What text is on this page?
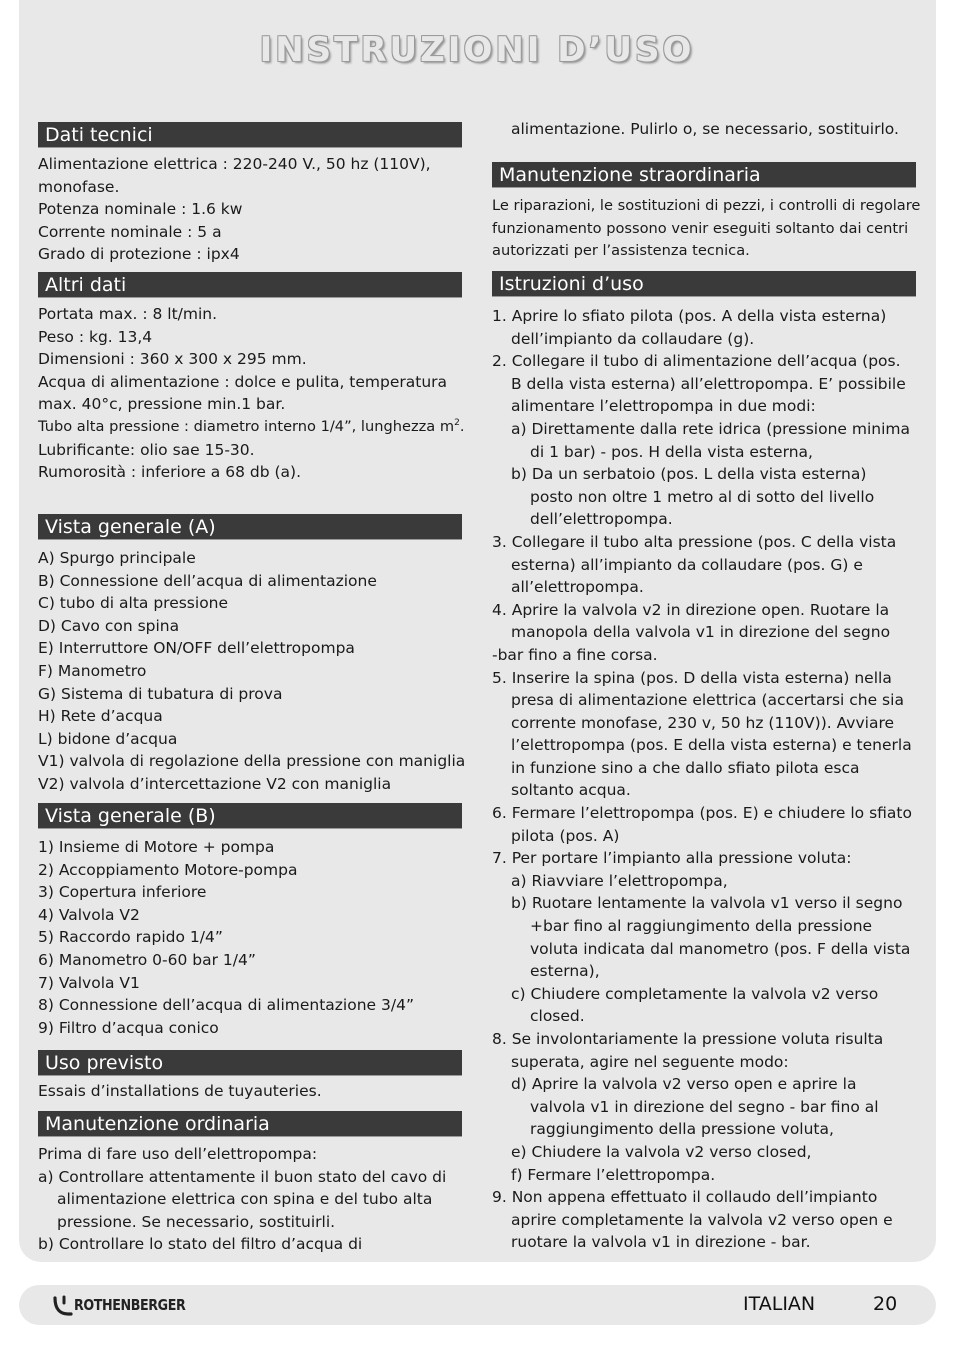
INSTRUZIONI D’USO
Dati tecnici
Alimentazione elettrica : 220-240 V., 50 hz (110V),
monofase.
Potenza nominale : 1.6 kw
Corrente nominale : 5 a
Grado di protezione : ipx4
Altri dati
Portata max. : 8 lt/min.
Peso : kg. 13,4
Dimensioni : 360 x 300 x 295 mm.
Acqua di alimentazione : dolce e pulita, temperatura
max. 40°c, pressione min.1 bar.
Tubo alta pressione : diametro interno 1/4”, lunghezza $m^2$.
Lubrificante: olio sae 15-30.
Rumorosità : inferiore a 68 db (a).
Vista generale (A)
A) Spurgo principale
B) Connessione dell’acqua di alimentazione
C) tubo di alta pressione
D) Cavo con spina
E) Interruttore ON/OFF dell’elettropompa
F) Manometro
G) Sistema di tubatura di prova
H) Rete d’acqua
L) bidone d’acqua
V1) valvola di regolazione della pressione con maniglia
V2) valvola d’intercettazione V2 con maniglia
Vista generale (B)
1) Insieme di Motore + pompa
2) Accoppiamento Motore-pompa
3) Copertura inferiore
4) Valvola V2
5) Raccordo rapido 1/4”
6) Manometro 0-60 bar 1/4”
7) Valvola V1
8) Connessione dell’acqua di alimentazione 3/4”
9) Filtro d’acqua conico
Uso previsto
Essais d’installations de tuyauteries.
Manutenzione ordinaria
Prima di fare uso dell’elettropompa:
a) Controllare attentamente il buon stato del cavo di
alimentazione elettrica con spina e del tubo alta
pressione. Se necessario, sostituirli.
b) Controllare lo stato del filtro d’acqua di
alimentazione. Pulirlo o, se necessario, sostituirlo.
Manutenzione straordinaria
Le riparazioni, le sostituzioni di pezzi, i controlli di regolare
funzionamento possono venir eseguiti soltanto dai centri
autorizzati per l’assistenza tecnica.
Istruzioni d’uso
1. Aprire lo sfiato pilota (pos. A della vista esterna)
dell’impianto da collaudare (g).
2. Collegare il tubo di alimentazione dell’acqua (pos.
B della vista esterna) all’elettropompa. E’ possibile
alimentare l’elettropompa in due modi:
a) Direttamente dalla rete idrica (pressione minima
di 1 bar) - pos. H della vista esterna,
b) Da un serbatoio (pos. L della vista esterna)
posto non oltre 1 metro al di sotto del livello
dell’elettropompa.
3. Collegare il tubo alta pressione (pos. C della vista
esterna) all’impianto da collaudare (pos. G) e
all’elettropompa.
4. Aprire la valvola v2 in direzione open. Ruotare la
manopola della valvola v1 in direzione del segno
-bar fino a fine corsa.
5. Inserire la spina (pos. D della vista esterna) nella
presa di alimentazione elettrica (accertarsi che sia
corrente monofase, 230 v, 50 hz (110V)). Avviare
l’elettropompa (pos. E della vista esterna) e tenerla
in funzione sino a che dallo sfiato pilota esca
soltanto acqua.
6. Fermare l’elettropompa (pos. E) e chiudere lo sfiato
pilota (pos. A)
7. Per portare l’impianto alla pressione voluta:
a) Riavviare l’elettropompa,
b) Ruotare lentamente la valvola v1 verso il segno
+bar fino al raggiungimento della pressione
voluta indicata dal manometro (pos. F della vista
esterna),
c) Chiudere completamente la valvola v2 verso
closed.
8. Se involontariamente la pressione voluta risulta
superata, agire nel seguente modo:
d) Aprire la valvola v2 verso open e aprire la
valvola v1 in direzione del segno - bar fino al
raggiungimento della pressione voluta,
e) Chiudere la valvola v2 verso closed,
f) Fermare l’elettropompa.
9. Non appena effettuato il collaudo dell’impianto
aprire completamente la valvola v2 verso open e
ruotare la valvola v1 in direzione - bar.
ROTHENBERGER	ITALIAN	20
